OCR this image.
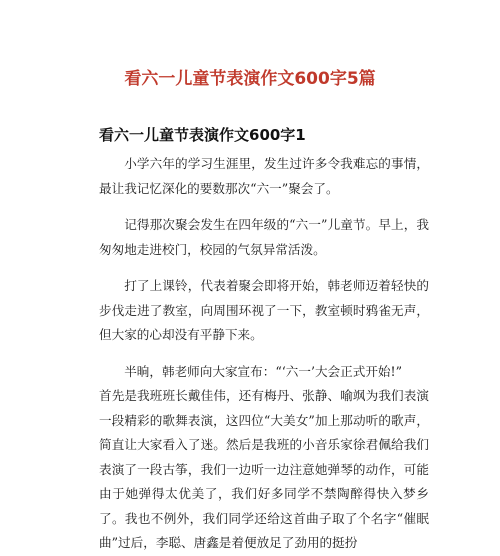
看六一儿童节表演作文600字5篇
看六一儿童节表演作文600字1

小学六年的学习生涯里，发生过许多令我难忘的事情，最让我记忆深化的要数那次“六一”聚会了。

记得那次聚会发生在四年级的“六一”儿童节。早上，我匆匆地走进校门，校园的气氛异常活泼。

打了上课铃，代表着聚会即将开始，韩老师迈着轻快的步伐走进了教室，向周围环视了一下，教室顿时鸦雀无声，但大家的心却没有平静下来。

半晌，韩老师向大家宣布：“‘六一’大会正式开始!”

首先是我班班长戴佳伟，还有梅丹、张静、喻飒为我们表演一段精彩的歌舞表演，这四位“大美女”加上那动听的歌声，简直让大家看入了迷。然后是我班的小音乐家徐君佩给我们表演了一段古筝，我们一边听一边注意她弹琴的动作，可能由于她弹得太优美了，我们好多同学不禁陶醉得快入梦乡了。我也不例外，我们同学还给这首曲子取了个名字“催眠曲”过后，李聪、唐鑫是着便放足了劲用的挺扮
